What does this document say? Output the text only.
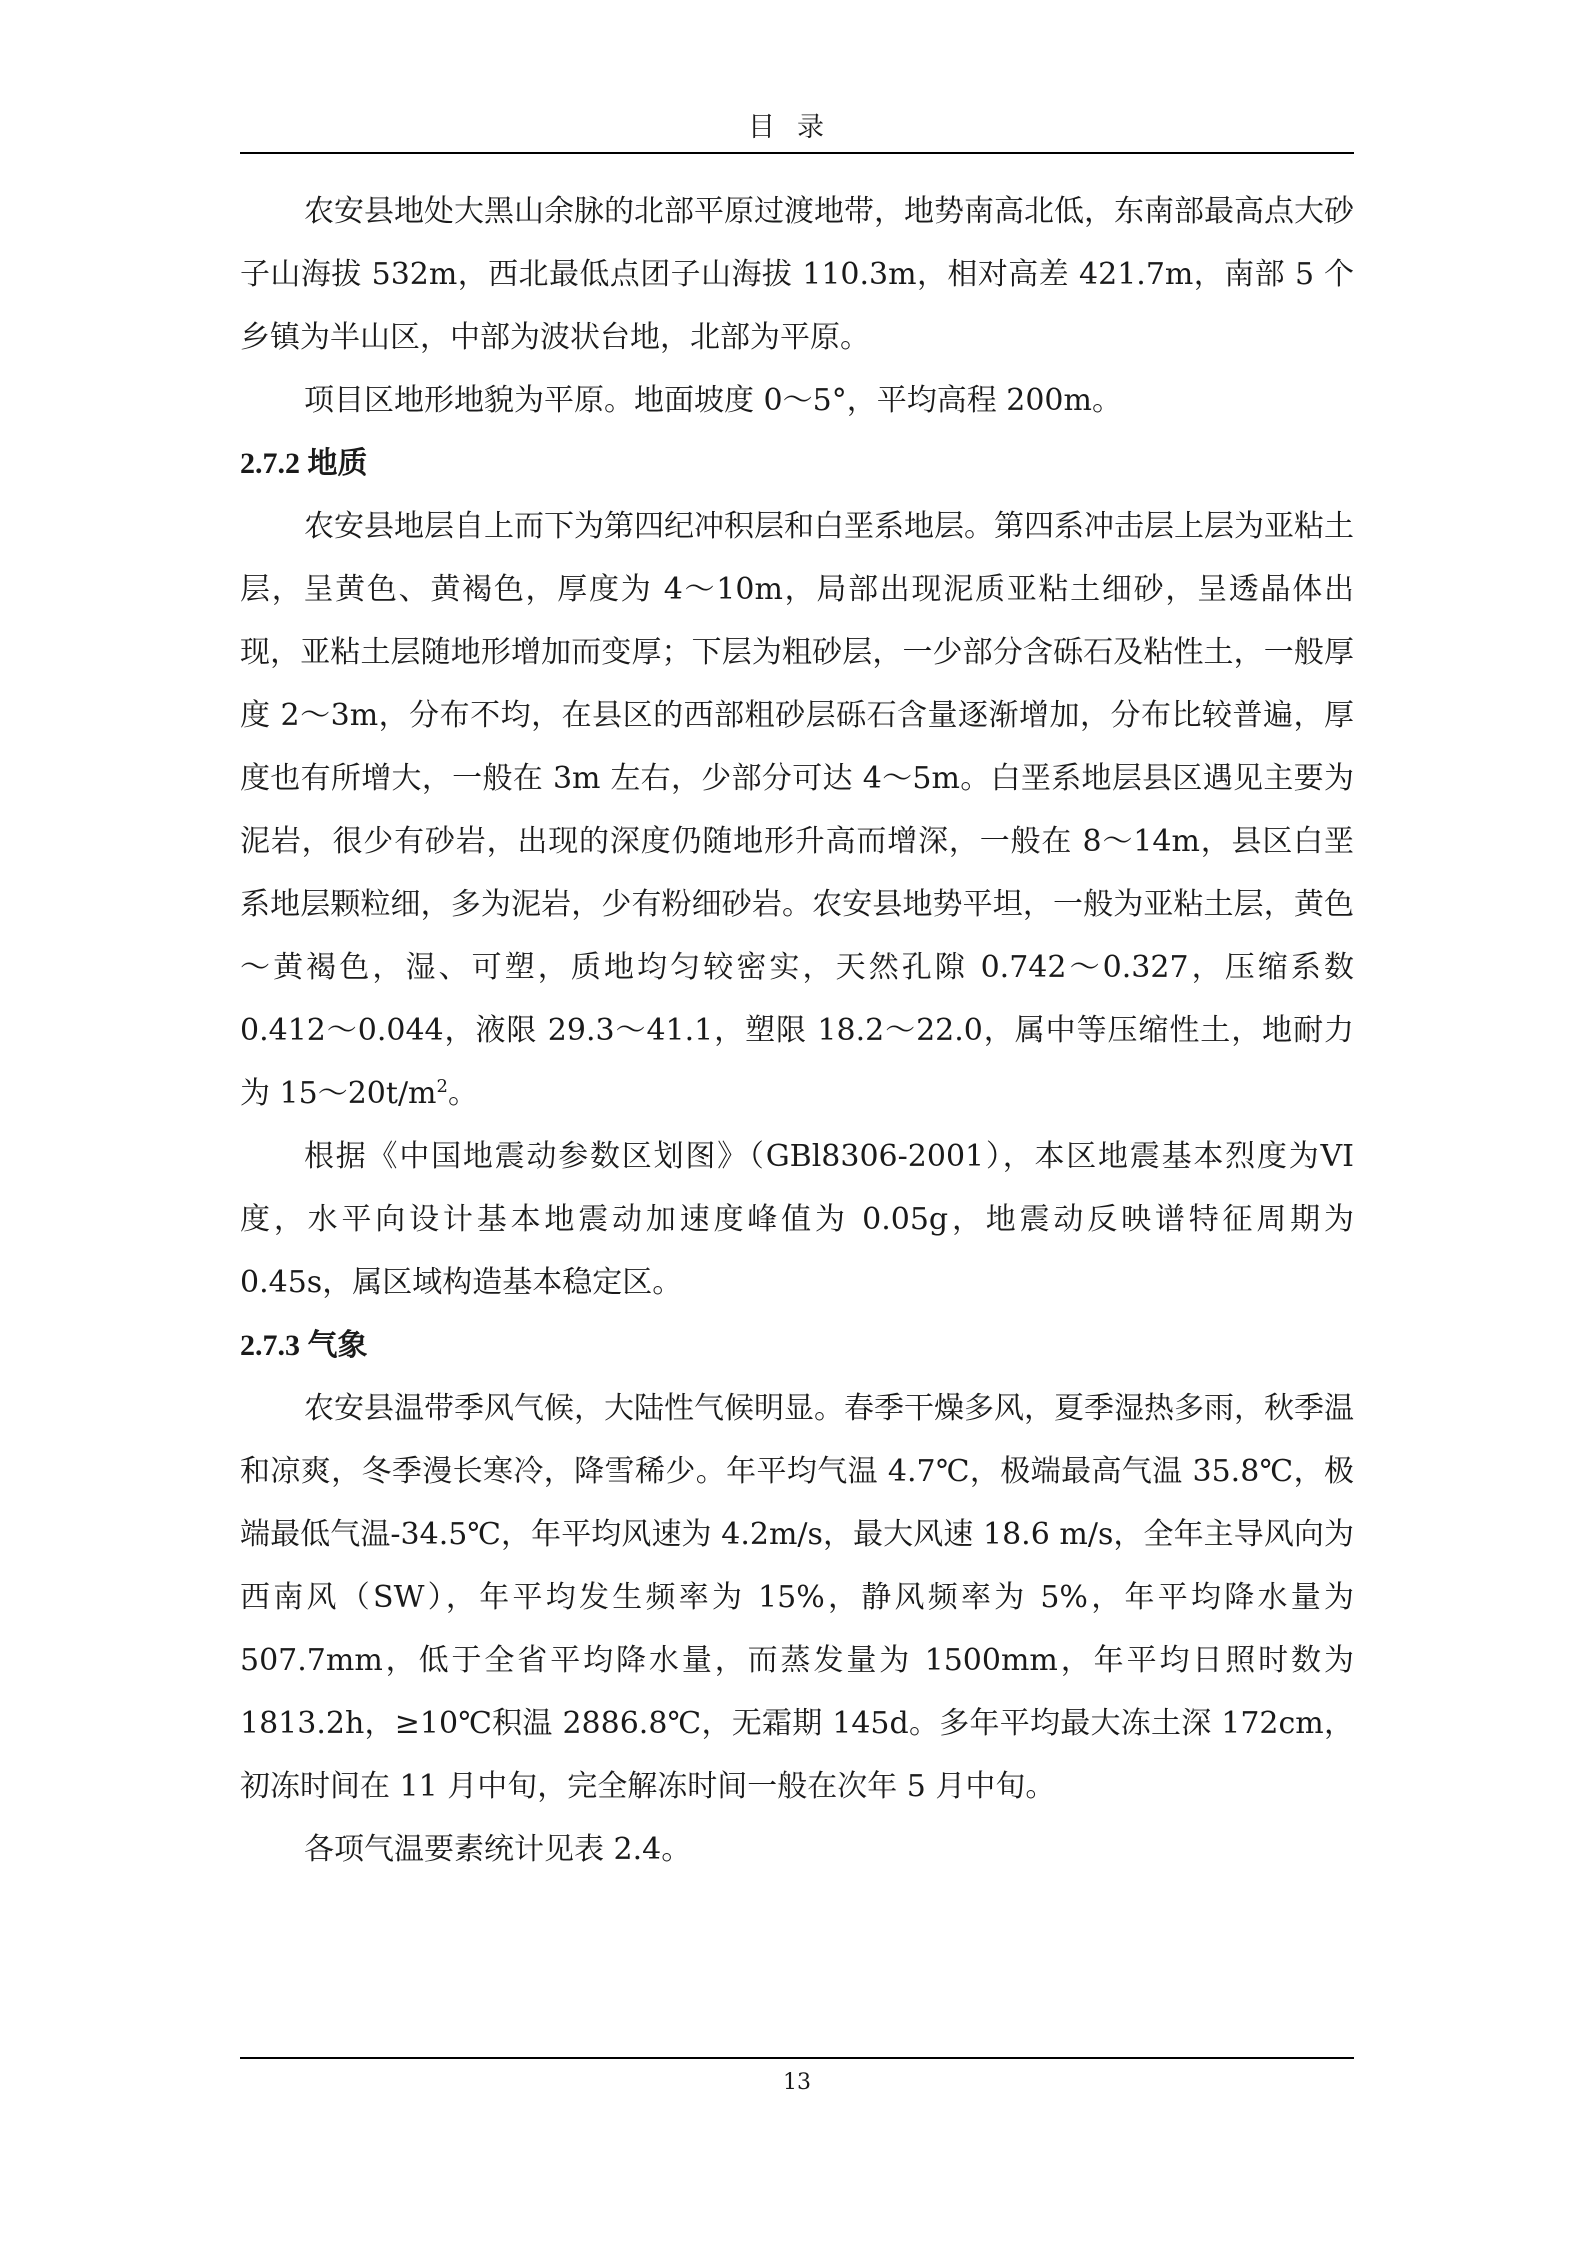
目录

农安县地处大黑山余脉的北部平原过渡地带，地势南高北低，东南部最高点大砂子山海拔 532m，西北最低点团子山海拔 110.3m，相对高差 421.7m，南部 5 个乡镇为半山区，中部为波状台地，北部为平原。

项目区地形地貌为平原。地面坡度 0～5°，平均高程 200m。

2.7.2 地质

农安县地层自上而下为第四纪冲积层和白垩系地层。第四系冲击层上层为亚粘土层，呈黄色、黄褐色，厚度为 4～10m，局部出现泥质亚粘土细砂，呈透晶体出现，亚粘土层随地形增加而变厚；下层为粗砂层，一少部分含砾石及粘性土，一般厚度 2～3m，分布不均，在县区的西部粗砂层砾石含量逐渐增加，分布比较普遍，厚度也有所增大，一般在 3m 左右，少部分可达 4～5m。白垩系地层县区遇见主要为泥岩，很少有砂岩，出现的深度仍随地形升高而增深，一般在 8～14m，县区白垩系地层颗粒细，多为泥岩，少有粉细砂岩。农安县地势平坦，一般为亚粘土层，黄色～黄褐色，湿、可塑，质地均匀较密实，天然孔隙 0.742～0.327，压缩系数 0.412～0.044，液限 29.3～41.1，塑限 18.2～22.0，属中等压缩性土，地耐力为 $15\sim 20t/m^2$。

根据《中国地震动参数区划图》（GBl8306-2001），本区地震基本烈度为VI度，水平向设计基本地震动加速度峰值为 0.05g，地震动反映谱特征周期为 0.45s，属区域构造基本稳定区。

2.7.3 气象

农安县温带季风气候，大陆性气候明显。春季干燥多风，夏季湿热多雨，秋季温和凉爽，冬季漫长寒冷，降雪稀少。年平均气温 4.7℃，极端最高气温 35.8℃，极端最低气温-34.5℃，年平均风速为 4.2m/s，最大风速 18.6 m/s，全年主导风向为西南风（SW），年平均发生频率为 15%，静风频率为 5%，年平均降水量为 507.7mm，低于全省平均降水量，而蒸发量为 1500mm，年平均日照时数为 1813.2h，≥10℃积温 2886.8℃，无霜期 145d。多年平均最大冻土深 172cm，初冻时间在 11 月中旬，完全解冻时间一般在次年 5 月中旬。

各项气温要素统计见表 2.4。

13
